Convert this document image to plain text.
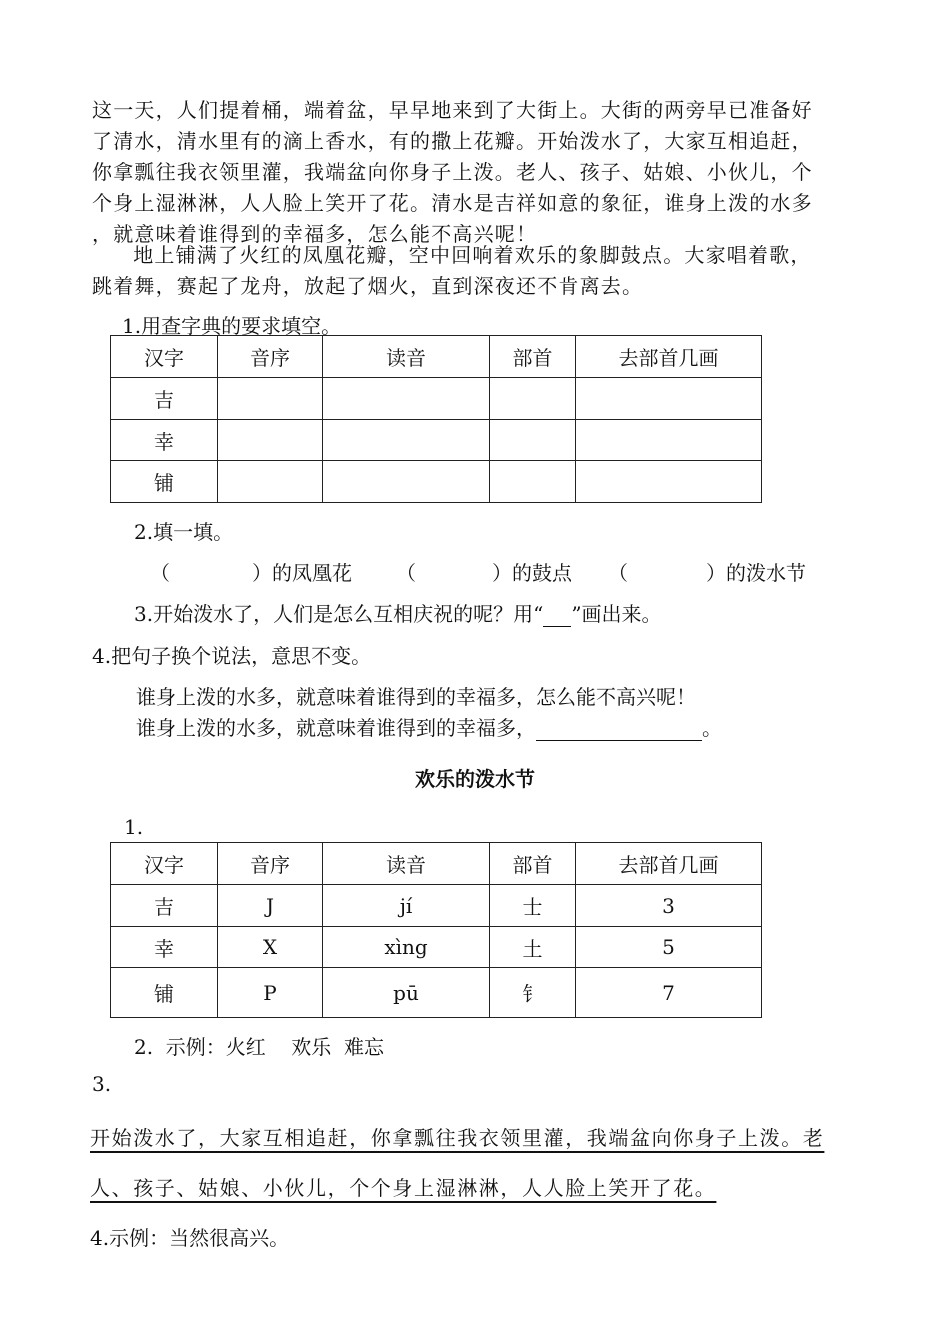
这一天，人们提着桶，端着盆，早早地来到了大街上。大街的两旁早已准备好
了清水，清水里有的滴上香水，有的撒上花瓣。开始泼水了，大家互相追赶，
你拿瓢往我衣领里灌，我端盆向你身子上泼。老人、孩子、姑娘、小伙儿，个
个身上湿淋淋，人人脸上笑开了花。清水是吉祥如意的象征，谁身上泼的水多
，就意味着谁得到的幸福多，怎么能不高兴呢！
　地上铺满了火红的凤凰花瓣，空中回响着欢乐的象脚鼓点。大家唱着歌，
跳着舞，赛起了龙舟，放起了烟火，直到深夜还不肯离去。
1.用查字典的要求填空。
汉字	音序	读音	部首	去部首几画
吉				
幸				
铺				
2.填一填。
（	）的凤凰花 （	）的鼓点 （	）的泼水节
3.开始泼水了，人们是怎么互相庆祝的呢？用“ ”画出来。
4.把句子换个说法，意思不变。
谁身上泼的水多，就意味着谁得到的幸福多，怎么能不高兴呢！
谁身上泼的水多，就意味着谁得到的幸福多，	。
欢乐的泼水节
1.
汉字	音序	读音	部首	去部首几画
吉	J	jí	士	3
幸	X	xìng	土	5
铺	P	pū	钅	7
2.  示例：火红    欢乐  难忘
3.
开始泼水了，大家互相追赶，你拿瓢往我衣领里灌，我端盆向你身子上泼。老
人、孩子、姑娘、小伙儿，个个身上湿淋淋，人人脸上笑开了花。
4.示例：当然很高兴。
